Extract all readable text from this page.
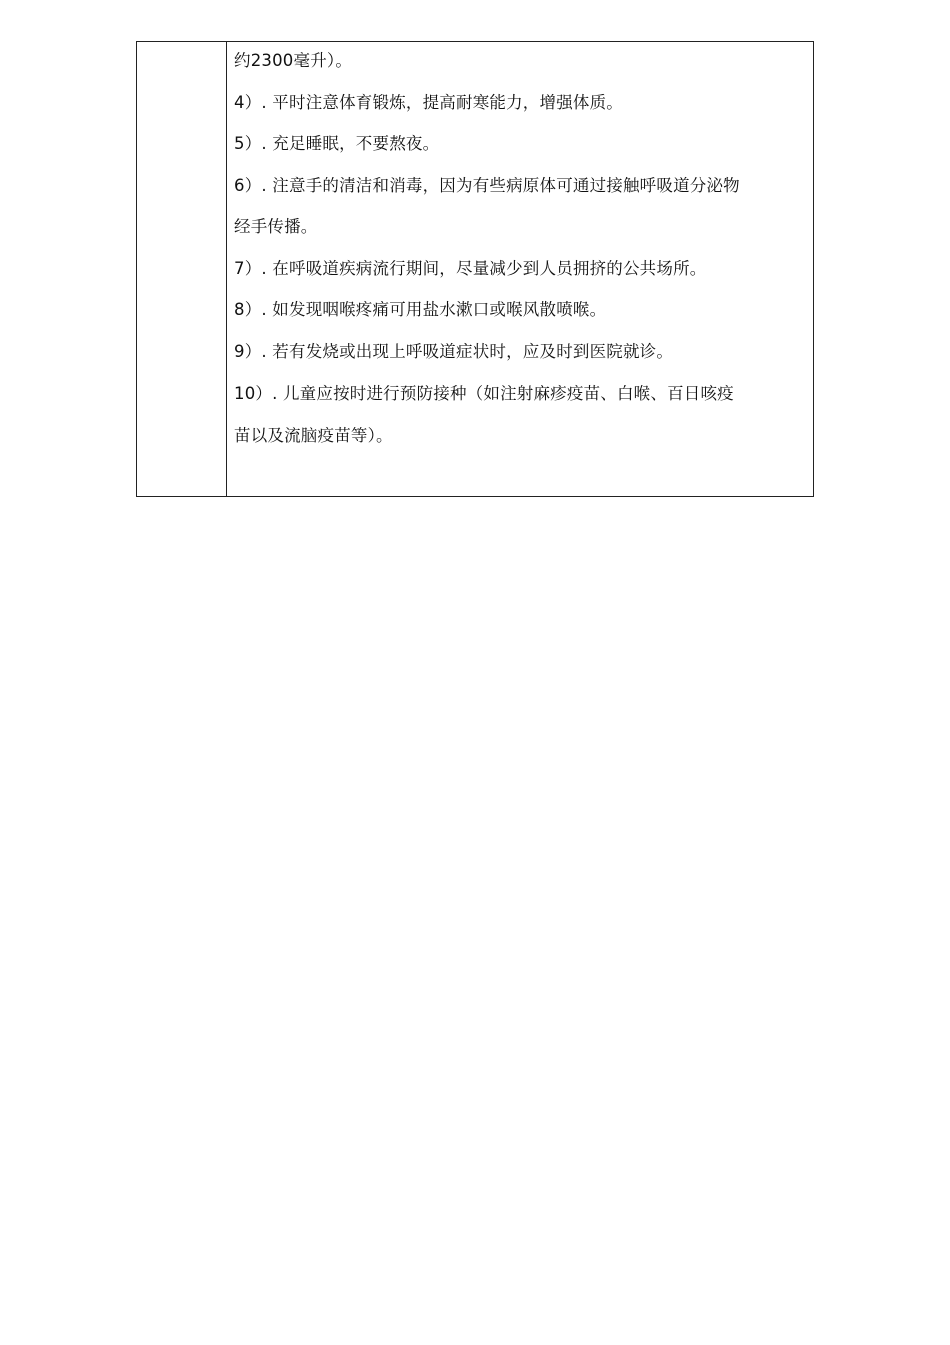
约2300毫升）。
4）. 平时注意体育锻炼，提高耐寒能力，增强体质。
5）. 充足睡眠，不要熬夜。
6）. 注意手的清洁和消毒，因为有些病原体可通过接触呼吸道分泌物
经手传播。
7）. 在呼吸道疾病流行期间，尽量减少到人员拥挤的公共场所。
8）. 如发现咽喉疼痛可用盐水漱口或喉风散喷喉。
9）. 若有发烧或出现上呼吸道症状时，应及时到医院就诊。
10）. 儿童应按时进行预防接种（如注射麻疹疫苗、白喉、百日咳疫
苗以及流脑疫苗等）。
